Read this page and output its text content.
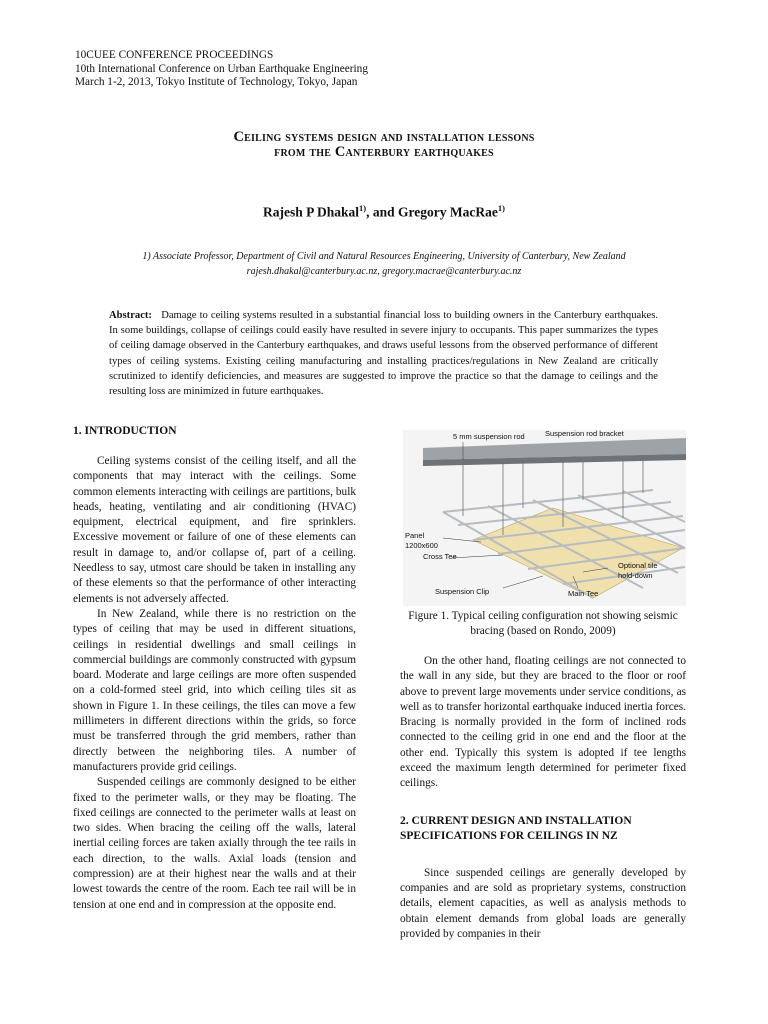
10CUEE CONFERENCE PROCEEDINGS
10th International Conference on Urban Earthquake Engineering
March 1-2, 2013, Tokyo Institute of Technology, Tokyo, Japan
Ceiling systems design and installation lessons
from the Canterbury earthquakes
Rajesh P Dhakal$^{1)}$, and Gregory MacRae$^{1)}$
1) Associate Professor, Department of Civil and Natural Resources Engineering, University of Canterbury, New Zealand
rajesh.dhakal@canterbury.ac.nz, gregory.macrae@canterbury.ac.nz
Abstract: Damage to ceiling systems resulted in a substantial financial loss to building owners in the Canterbury earthquakes. In some buildings, collapse of ceilings could easily have resulted in severe injury to occupants. This paper summarizes the types of ceiling damage observed in the Canterbury earthquakes, and draws useful lessons from the observed performance of different types of ceiling systems. Existing ceiling manufacturing and installing practices/regulations in New Zealand are critically scrutinized to identify deficiencies, and measures are suggested to improve the practice so that the damage to ceilings and the resulting loss are minimized in future earthquakes.
1. INTRODUCTION

Ceiling systems consist of the ceiling itself, and all the components that may interact with the ceilings. Some common elements interacting with ceilings are partitions, bulk heads, heating, ventilating and air conditioning (HVAC) equipment, electrical equipment, and fire sprinklers. Excessive movement or failure of one of these elements can result in damage to, and/or collapse of, part of a ceiling. Needless to say, utmost care should be taken in installing any of these elements so that the performance of other interacting elements is not adversely affected.

In New Zealand, while there is no restriction on the types of ceiling that may be used in different situations, ceilings in residential dwellings and small ceilings in commercial buildings are commonly constructed with gypsum board. Moderate and large ceilings are more often suspended on a cold-formed steel grid, into which ceiling tiles sit as shown in Figure 1. In these ceilings, the tiles can move a few millimeters in different directions within the grids, so force must be transferred through the grid members, rather than directly between the neighboring tiles. A number of manufacturers provide grid ceilings.

Suspended ceilings are commonly designed to be either fixed to the perimeter walls, or they may be floating. The fixed ceilings are connected to the perimeter walls at least on two sides. When bracing the ceiling off the walls, lateral inertial ceiling forces are taken axially through the tee rails in each direction, to the walls. Axial loads (tension and compression) are at their highest near the walls and at their lowest towards the centre of the room. Each tee rail will be in tension at one end and in compression at the opposite end.

5 mm suspension rod	Suspension rod bracket
Panel
1200x600
Cross Tee
Suspension Clip	Main Tee
Optional tile
hold-down
Figure 1. Typical ceiling configuration not showing seismic bracing (based on Rondo, 2009)

On the other hand, floating ceilings are not connected to the wall in any side, but they are braced to the floor or roof above to prevent large movements under service conditions, as well as to transfer horizontal earthquake induced inertia forces. Bracing is normally provided in the form of inclined rods connected to the ceiling grid in one end and the floor at the other end. Typically this system is adopted if tee lengths exceed the maximum length determined for perimeter fixed ceilings.

2. CURRENT DESIGN AND INSTALLATION SPECIFICATIONS FOR CEILINGS IN NZ

Since suspended ceilings are generally developed by companies and are sold as proprietary systems, construction details, element capacities, as well as analysis methods to obtain element demands from global loads are generally provided by companies in their
